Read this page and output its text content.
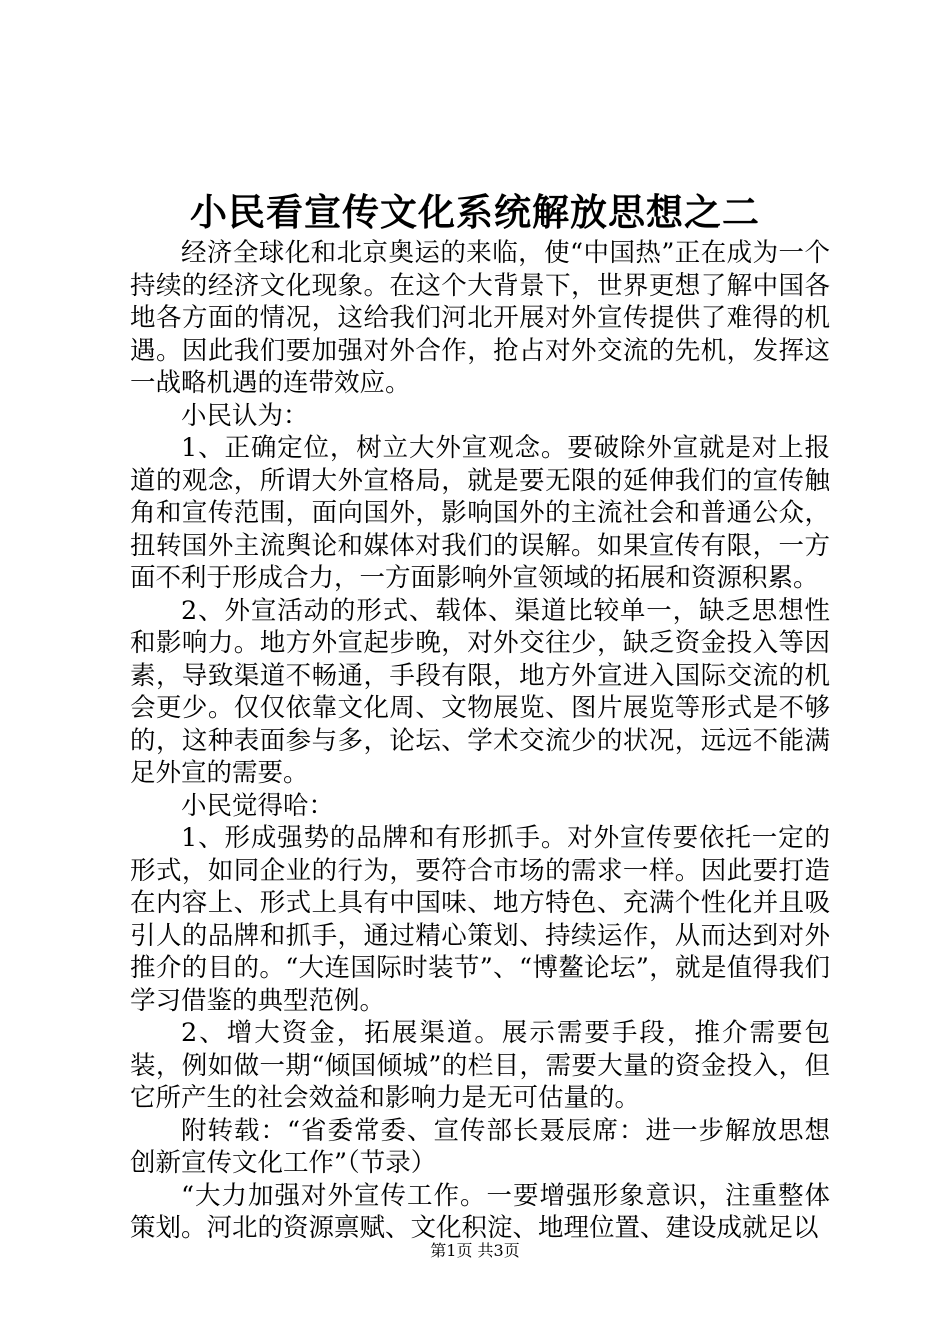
小民看宣传文化系统解放思想之二

经济全球化和北京奥运的来临，使“中国热”正在成为一个持续的经济文化现象。在这个大背景下，世界更想了解中国各地各方面的情况，这给我们河北开展对外宣传提供了难得的机遇。因此我们要加强对外合作，抢占对外交流的先机，发挥这一战略机遇的连带效应。

小民认为：

1、正确定位，树立大外宣观念。要破除外宣就是对上报道的观念，所谓大外宣格局，就是要无限的延伸我们的宣传触角和宣传范围，面向国外，影响国外的主流社会和普通公众，扭转国外主流舆论和媒体对我们的误解。如果宣传有限，一方面不利于形成合力，一方面影响外宣领域的拓展和资源积累。

2、外宣活动的形式、载体、渠道比较单一，缺乏思想性和影响力。地方外宣起步晚，对外交往少，缺乏资金投入等因素，导致渠道不畅通，手段有限，地方外宣进入国际交流的机会更少。仅仅依靠文化周、文物展览、图片展览等形式是不够的，这种表面参与多，论坛、学术交流少的状况，远远不能满足外宣的需要。

小民觉得哈：

1、形成强势的品牌和有形抓手。对外宣传要依托一定的形式，如同企业的行为，要符合市场的需求一样。因此要打造在内容上、形式上具有中国味、地方特色、充满个性化并且吸引人的品牌和抓手，通过精心策划、持续运作，从而达到对外推介的目的。“大连国际时装节”、“博鳌论坛”，就是值得我们学习借鉴的典型范例。

2、增大资金，拓展渠道。展示需要手段，推介需要包装，例如做一期“倾国倾城”的栏目，需要大量的资金投入，但它所产生的社会效益和影响力是无可估量的。

附转载：“省委常委、宣传部长聂辰席：进一步解放思想创新宣传文化工作”（节录）

“大力加强对外宣传工作。一要增强形象意识，注重整体策划。河北的资源禀赋、文化积淀、地理位置、建设成就足以

第1页 共3页
